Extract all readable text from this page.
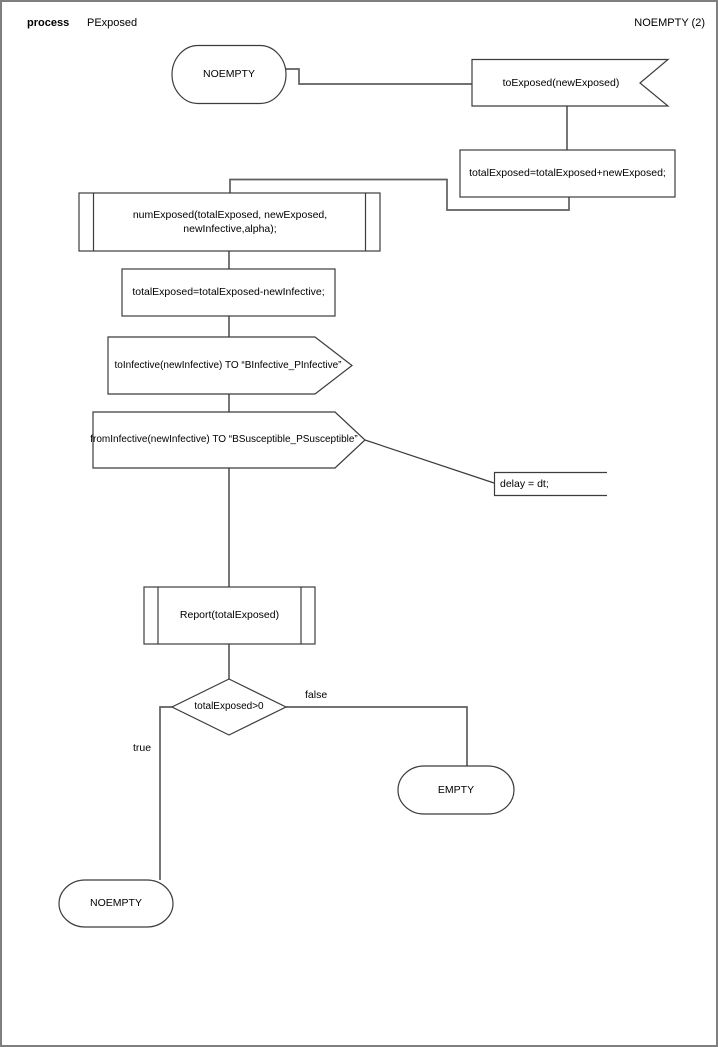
process PExposed	NOEMPTY (2)
NOEMPTY
toExposed(newExposed)
totalExposed=totalExposed+newExposed;
numExposed(totalExposed, newExposed,
newInfective,alpha);
totalExposed=totalExposed-newInfective;
toInfective(newInfective) TO “BInfective_PInfective”
fromInfective(newInfective) TO “BSusceptible_PSusceptible”
delay = dt;
Report(totalExposed)
totalExposed>0
false
true
EMPTY
NOEMPTY
